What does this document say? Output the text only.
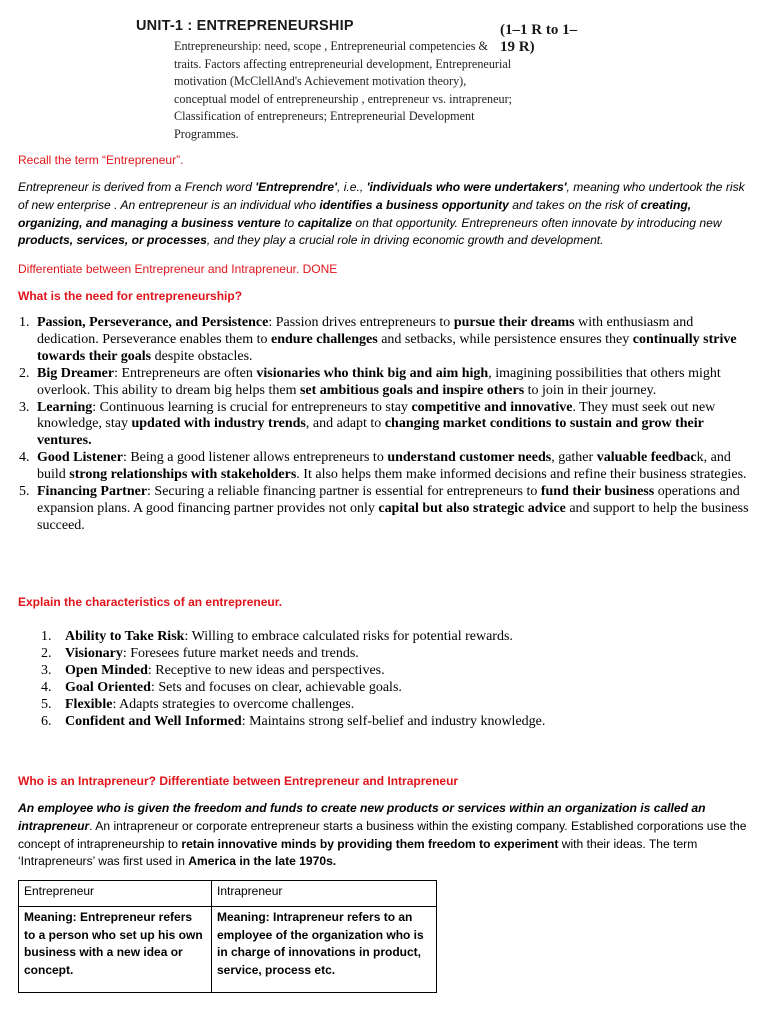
UNIT-1 : ENTREPRENEURSHIP	(1–1 R to 1–19 R)
Entrepreneurship: need, scope , Entrepreneurial competencies &
traits. Factors affecting entrepreneurial development, Entrepreneurial
motivation (McClellAnd's Achievement motivation theory),
conceptual model of entrepreneurship , entrepreneur vs. intrapreneur;
Classification of entrepreneurs; Entrepreneurial Development
Programmes.
Recall the term “Entrepreneur”.
Entrepreneur is derived from a French word 'Entreprendre', i.e., 'individuals who were undertakers', meaning who undertook the risk of new enterprise . An entrepreneur is an individual who identifies a business opportunity and takes on the risk of creating, organizing, and managing a business venture to capitalize on that opportunity. Entrepreneurs often innovate by introducing new products, services, or processes, and they play a crucial role in driving economic growth and development.
Differentiate between Entrepreneur and Intrapreneur. DONE
What is the need for entrepreneurship?
1. Passion, Perseverance, and Persistence: Passion drives entrepreneurs to pursue their dreams with enthusiasm and dedication. Perseverance enables them to endure challenges and setbacks, while persistence ensures they continually strive towards their goals despite obstacles.
2. Big Dreamer: Entrepreneurs are often visionaries who think big and aim high, imagining possibilities that others might overlook. This ability to dream big helps them set ambitious goals and inspire others to join in their journey.
3. Learning: Continuous learning is crucial for entrepreneurs to stay competitive and innovative. They must seek out new knowledge, stay updated with industry trends, and adapt to changing market conditions to sustain and grow their ventures.
4. Good Listener: Being a good listener allows entrepreneurs to understand customer needs, gather valuable feedback, and build strong relationships with stakeholders. It also helps them make informed decisions and refine their business strategies.
5. Financing Partner: Securing a reliable financing partner is essential for entrepreneurs to fund their business operations and expansion plans. A good financing partner provides not only capital but also strategic advice and support to help the business succeed.
Explain the characteristics of an entrepreneur.
1. Ability to Take Risk: Willing to embrace calculated risks for potential rewards.
2. Visionary: Foresees future market needs and trends.
3. Open Minded: Receptive to new ideas and perspectives.
4. Goal Oriented: Sets and focuses on clear, achievable goals.
5. Flexible: Adapts strategies to overcome challenges.
6. Confident and Well Informed: Maintains strong self-belief and industry knowledge.
Who is an Intrapreneur? Differentiate between Entrepreneur and Intrapreneur
An employee who is given the freedom and funds to create new products or services within an organization is called an intrapreneur. An intrapreneur or corporate entrepreneur starts a business within the existing company. Established corporations use the concept of intrapreneurship to retain innovative minds by providing them freedom to experiment with their ideas. The term ‘Intrapreneurs’ was first used in America in the late 1970s.
Entrepreneur	Intrapreneur
Meaning: Entrepreneur refers to a person who set up his own business with a new idea or concept.	Meaning: Intrapreneur refers to an employee of the organization who is in charge of innovations in product, service, process etc.
